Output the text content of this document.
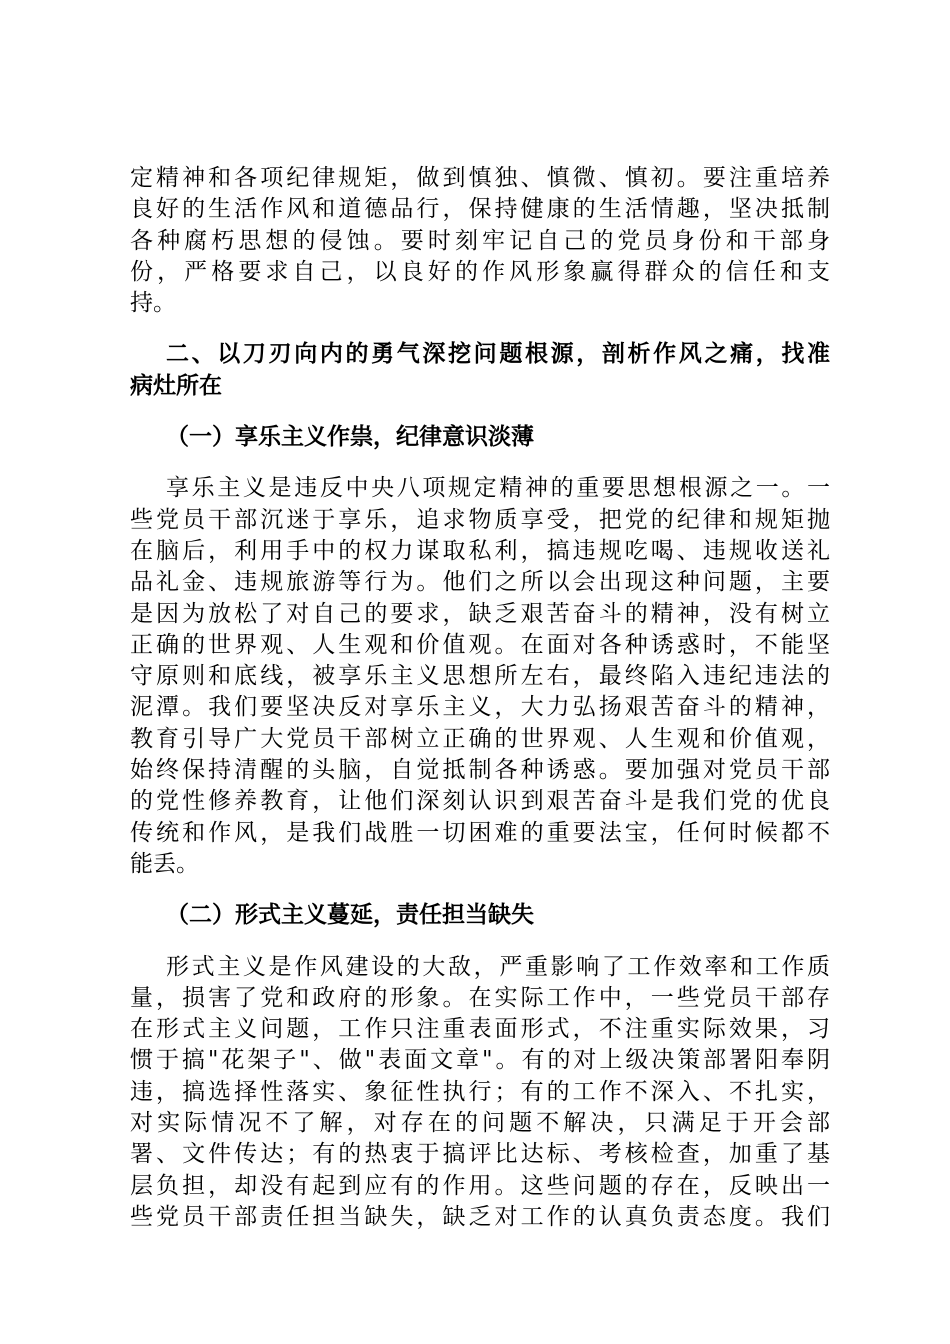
定精神和各项纪律规矩，做到慎独、慎微、慎初。要注重培养
良好的生活作风和道德品行，保持健康的生活情趣，坚决抵制
各种腐朽思想的侵蚀。要时刻牢记自己的党员身份和干部身
份，严格要求自己，以良好的作风形象赢得群众的信任和支
持。
二、以刀刃向内的勇气深挖问题根源，剖析作风之痛，找准
病灶所在
（一）享乐主义作祟，纪律意识淡薄
享乐主义是违反中央八项规定精神的重要思想根源之一。一
些党员干部沉迷于享乐，追求物质享受，把党的纪律和规矩抛
在脑后，利用手中的权力谋取私利，搞违规吃喝、违规收送礼
品礼金、违规旅游等行为。他们之所以会出现这种问题，主要
是因为放松了对自己的要求，缺乏艰苦奋斗的精神，没有树立
正确的世界观、人生观和价值观。在面对各种诱惑时，不能坚
守原则和底线，被享乐主义思想所左右，最终陷入违纪违法的
泥潭。我们要坚决反对享乐主义，大力弘扬艰苦奋斗的精神，
教育引导广大党员干部树立正确的世界观、人生观和价值观，
始终保持清醒的头脑，自觉抵制各种诱惑。要加强对党员干部
的党性修养教育，让他们深刻认识到艰苦奋斗是我们党的优良
传统和作风，是我们战胜一切困难的重要法宝，任何时候都不
能丢。
（二）形式主义蔓延，责任担当缺失
形式主义是作风建设的大敌，严重影响了工作效率和工作质
量，损害了党和政府的形象。在实际工作中，一些党员干部存
在形式主义问题，工作只注重表面形式，不注重实际效果，习
惯于搞"花架子"、做"表面文章"。有的对上级决策部署阳奉阴
违，搞选择性落实、象征性执行；有的工作不深入、不扎实，
对实际情况不了解，对存在的问题不解决，只满足于开会部
署、文件传达；有的热衷于搞评比达标、考核检查，加重了基
层负担，却没有起到应有的作用。这些问题的存在，反映出一
些党员干部责任担当缺失，缺乏对工作的认真负责态度。我们
